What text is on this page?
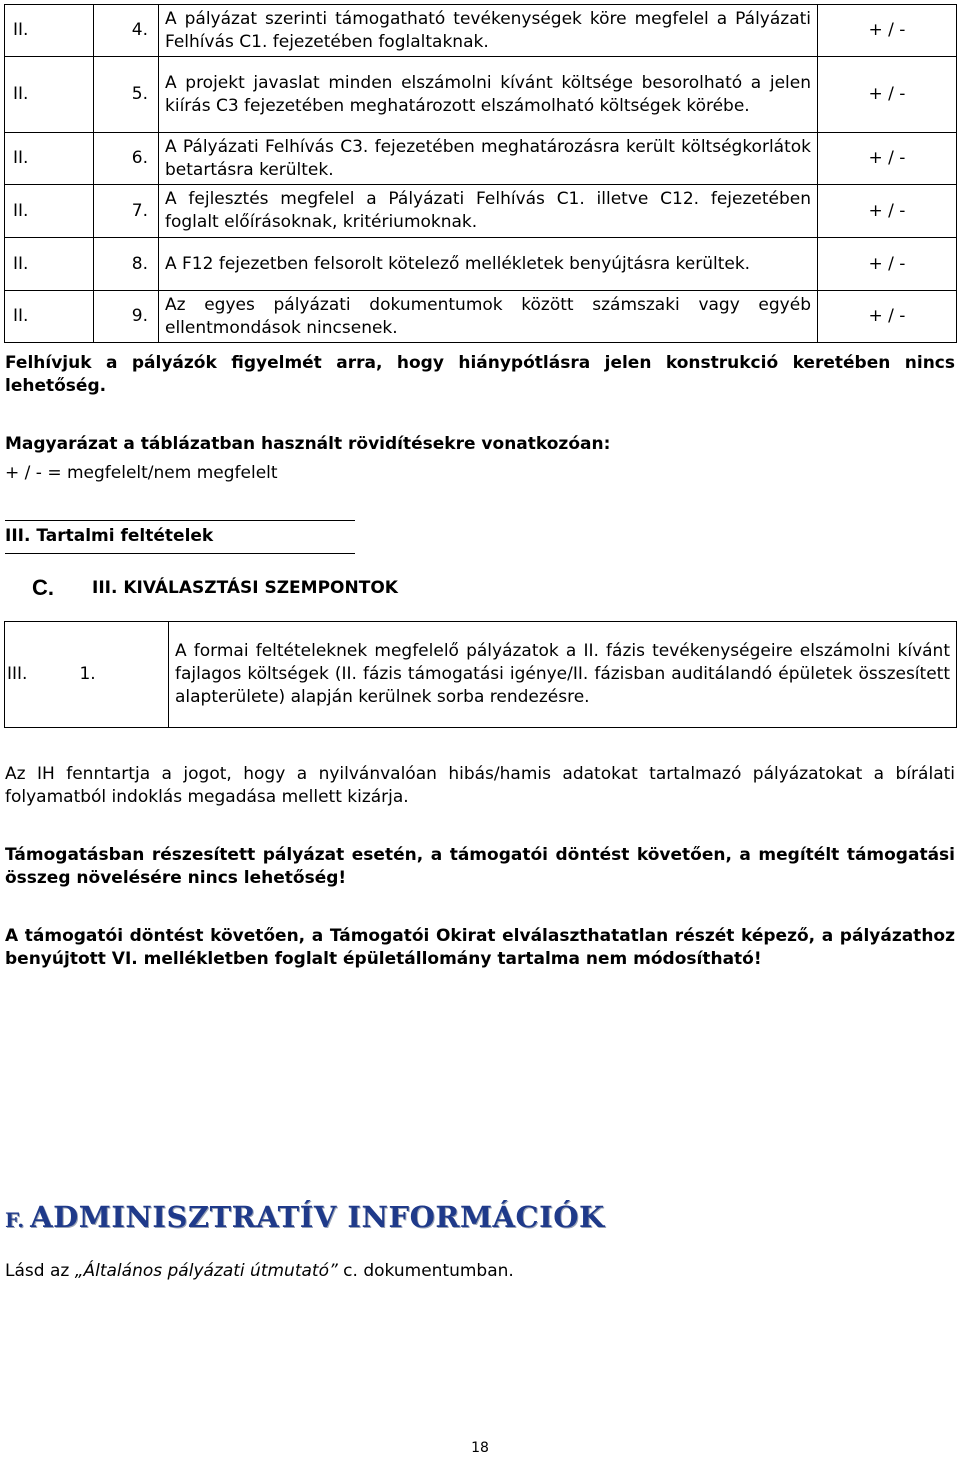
II.	4.	A pályázat szerinti támogatható tevékenységek köre megfelel a Pályázati Felhívás C1. fejezetében foglaltaknak.	+ / -
II.	5.	A projekt javaslat minden elszámolni kívánt költsége besorolható a jelen kiírás C3 fejezetében meghatározott elszámolható költségek körébe.	+ / -
II.	6.	A Pályázati Felhívás C3. fejezetében meghatározásra került költségkorlátok betartásra kerültek.	+ / -
II.	7.	A fejlesztés megfelel a Pályázati Felhívás C1. illetve C12. fejezetében foglalt előírásoknak, kritériumoknak.	+ / -
II.	8.	A F12 fejezetben felsorolt kötelező mellékletek benyújtásra kerültek.	+ / -
II.	9.	Az egyes pályázati dokumentumok között számszaki vagy egyéb ellentmondások nincsenek.	+ / -
Felhívjuk a pályázók figyelmét arra, hogy hiánypótlásra jelen konstrukció keretében nincs lehetőség.
Magyarázat a táblázatban használt rövidítésekre vonatkozóan:
+ / - = megfelelt/nem megfelelt
III. Tartalmi feltételek
C. III. KIVÁLASZTÁSI SZEMPONTOK
III.	1.	A formai feltételeknek megfelelő pályázatok a II. fázis tevékenységeire elszámolni kívánt fajlagos költségek (II. fázis támogatási igénye/II. fázisban auditálandó épületek összesített alapterülete) alapján kerülnek sorba rendezésre.
Az IH fenntartja a jogot, hogy a nyilvánvalóan hibás/hamis adatokat tartalmazó pályázatokat a bírálati folyamatból indoklás megadása mellett kizárja.
Támogatásban részesített pályázat esetén, a támogatói döntést követően, a megítélt támogatási összeg növelésére nincs lehetőség!
A támogatói döntést követően, a Támogatói Okirat elválaszthatatlan részét képező, a pályázathoz benyújtott VI. mellékletben foglalt épületállomány tartalma nem módosítható!
F. ADMINISZTRATÍV INFORMÁCIÓK
Lásd az „Általános pályázati útmutató” c. dokumentumban.
18
